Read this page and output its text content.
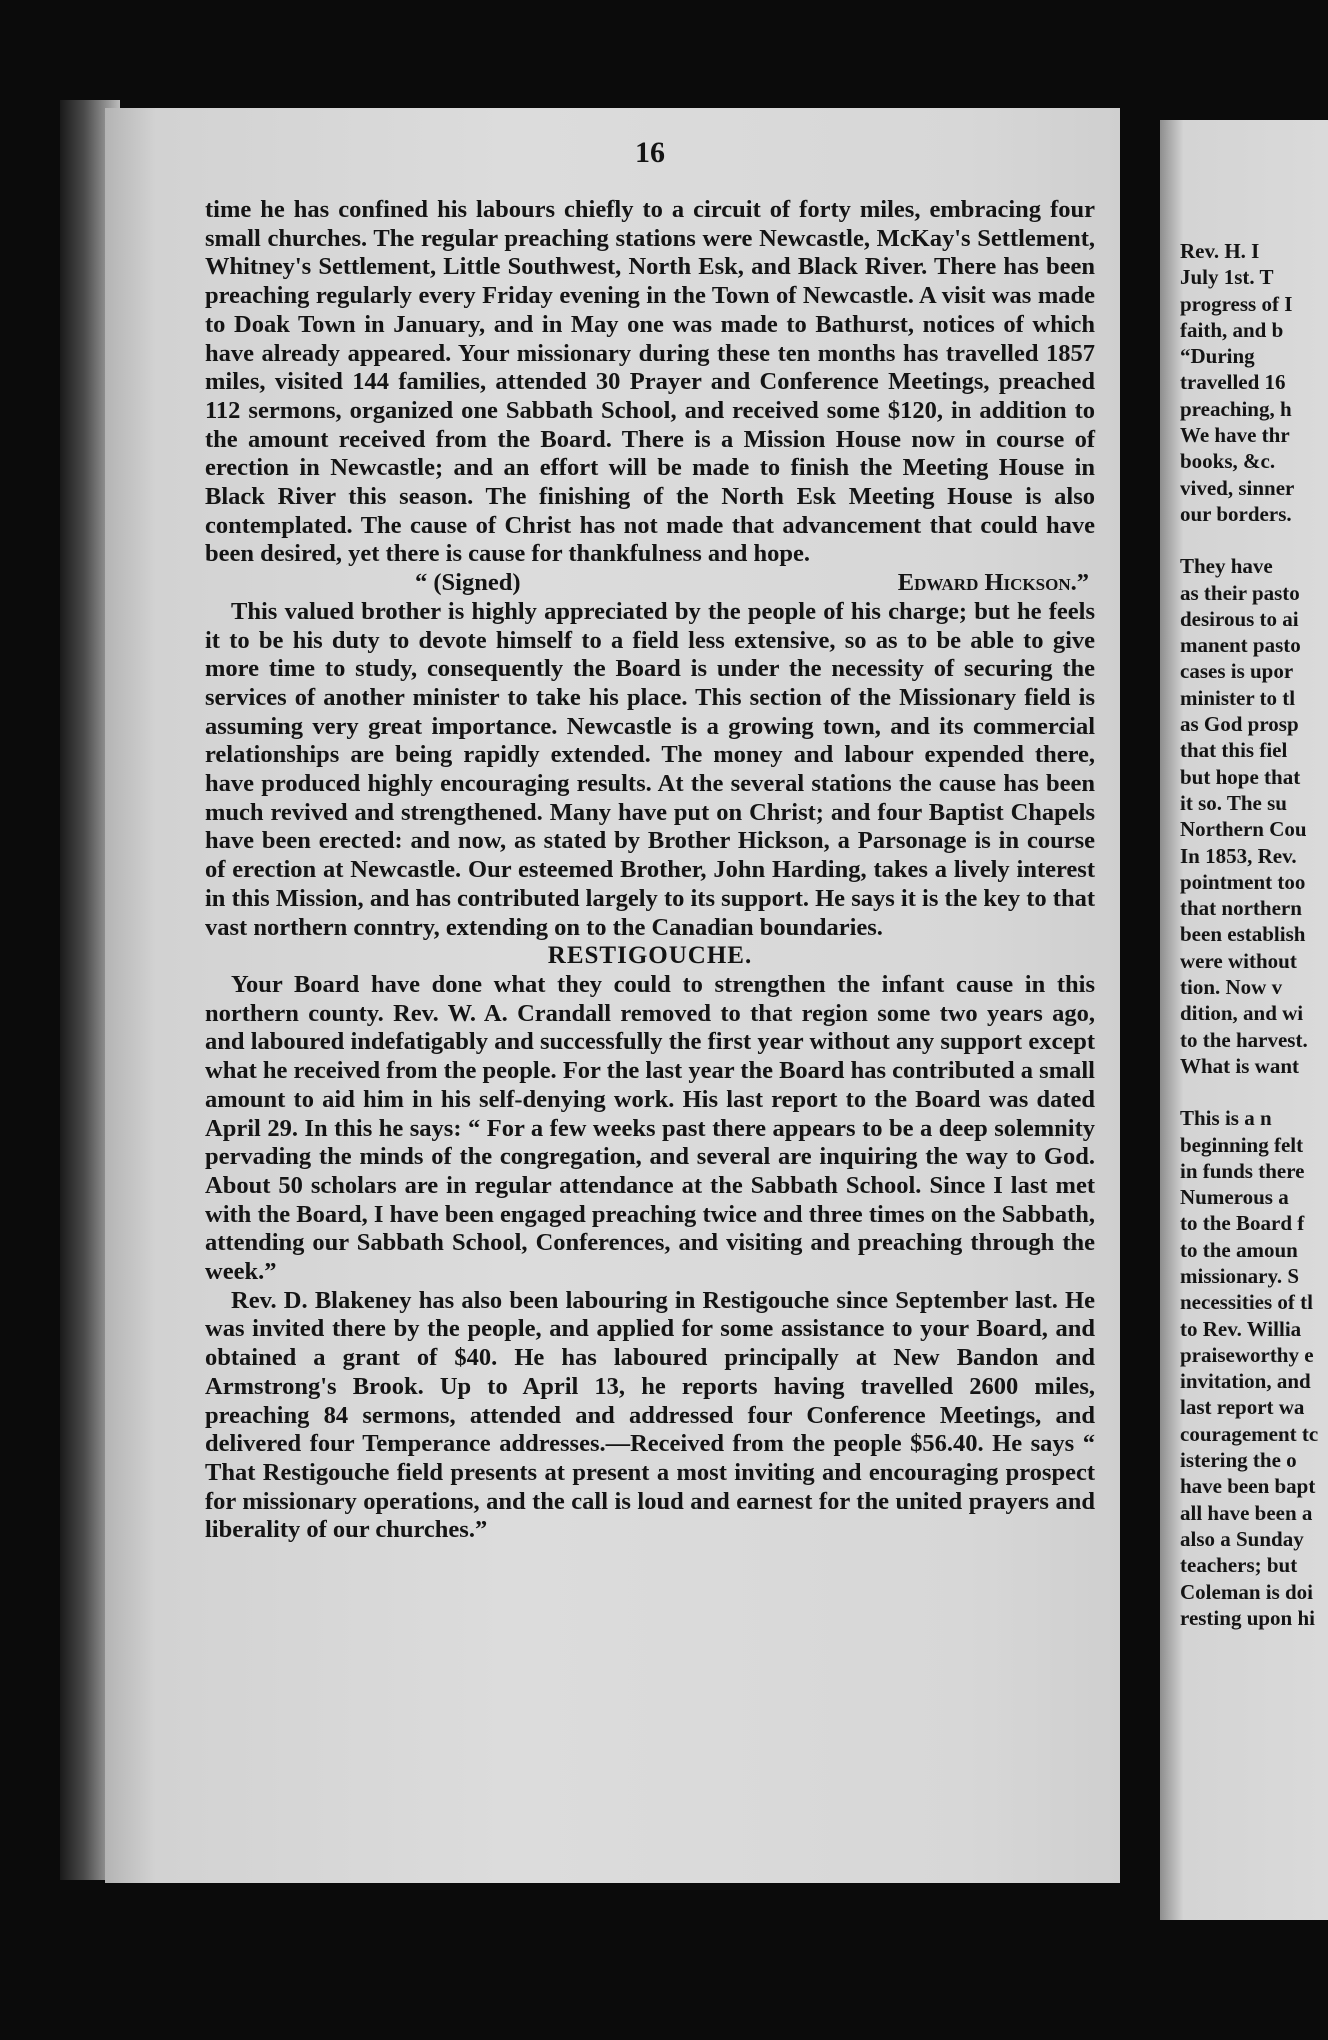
16

time he has confined his labours chiefly to a circuit of forty miles, embracing four small churches. The regular preaching stations were Newcastle, McKay's Settlement, Whitney's Settlement, Little Southwest, North Esk, and Black River. There has been preaching regularly every Friday evening in the Town of Newcastle. A visit was made to Doak Town in January, and in May one was made to Bathurst, notices of which have already appeared. Your missionary during these ten months has travelled 1857 miles, visited 144 families, attended 30 Prayer and Conference Meetings, preached 112 sermons, organized one Sabbath School, and received some $120, in addition to the amount received from the Board. There is a Mission House now in course of erection in Newcastle; and an effort will be made to finish the Meeting House in Black River this season. The finishing of the North Esk Meeting House is also contemplated. The cause of Christ has not made that advancement that could have been desired, yet there is cause for thankfulness and hope.

“ (Signed)	Edward Hickson.”

This valued brother is highly appreciated by the people of his charge; but he feels it to be his duty to devote himself to a field less extensive, so as to be able to give more time to study, consequently the Board is under the necessity of securing the services of another minister to take his place. This section of the Missionary field is assuming very great importance. Newcastle is a growing town, and its commercial relationships are being rapidly extended. The money and labour expended there, have produced highly encouraging results. At the several stations the cause has been much revived and strengthened. Many have put on Christ; and four Baptist Chapels have been erected: and now, as stated by Brother Hickson, a Parsonage is in course of erection at Newcastle. Our esteemed Brother, John Harding, takes a lively interest in this Mission, and has contributed largely to its support. He says it is the key to that vast northern conntry, extending on to the Canadian boundaries.

RESTIGOUCHE.

Your Board have done what they could to strengthen the infant cause in this northern county. Rev. W. A. Crandall removed to that region some two years ago, and laboured indefatigably and successfully the first year without any support except what he received from the people. For the last year the Board has contributed a small amount to aid him in his self-denying work. His last report to the Board was dated April 29. In this he says: “ For a few weeks past there appears to be a deep solemnity pervading the minds of the congregation, and several are inquiring the way to God. About 50 scholars are in regular attendance at the Sabbath School. Since I last met with the Board, I have been engaged preaching twice and three times on the Sabbath, attending our Sabbath School, Conferences, and visiting and preaching through the week.”

Rev. D. Blakeney has also been labouring in Restigouche since September last. He was invited there by the people, and applied for some assistance to your Board, and obtained a grant of $40. He has laboured principally at New Bandon and Armstrong's Brook. Up to April 13, he reports having travelled 2600 miles, preaching 84 sermons, attended and addressed four Conference Meetings, and delivered four Temperance addresses.—Received from the people $56.40. He says “ That Restigouche field presents at present a most inviting and encouraging prospect for missionary operations, and the call is loud and earnest for the united prayers and liberality of our churches.”

Rev. H. I
July 1st. T
progress of I
faith, and b
“During
travelled 16
preaching, h
We have thr
books, &c.
vived, sinner
our borders.
They have
as their pasto
desirous to ai
manent pasto
cases is upor
minister to tl
as God prosp
that this fiel
but hope that
it so. The su
Northern Cou
In 1853, Rev.
pointment too
that northern
been establish
were without
tion. Now v
dition, and wi
to the harvest.
What is want
This is a n
beginning felt
in funds there
Numerous a
to the Board f
to the amoun
missionary. S
necessities of tl
to Rev. Willia
praiseworthy e
invitation, and
last report wa
couragement tc
istering the o
have been bapt
all have been a
also a Sunday
teachers; but
Coleman is doi
resting upon hi
